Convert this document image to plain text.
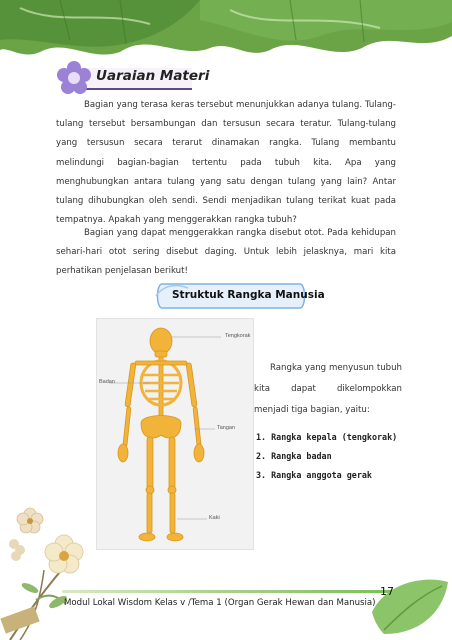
Uaraian Materi

Bagian yang terasa keras tersebut menunjukkan adanya tulang. Tulang-tulang tersebut bersambungan dan tersusun secara teratur. Tulang-tulang yang tersusun secara terarut dinamakan rangka. Tulang membantu melindungi bagian-bagian tertentu pada tubuh kita. Apa yang menghubungkan antara tulang yang satu dengan tulang yang lain? Antar tulang dihubungkan oleh sendi. Sendi menjadikan tulang terikat kuat pada tempatnya. Apakah yang menggerakkan rangka tubuh?

Bagian yang dapat menggerakkan rangka disebut otot. Pada kehidupan sehari-hari otot sering disebut daging. Untuk lebih jelasknya, mari kita perhatikan penjelasan berikut!

Struktuk Rangka Manusia
Tengkorak
Badan
Tangan
Kaki

Rangka yang menyusun tubuh kita dapat dikelompokkan menjadi tiga bagian, yaitu:

1. Rangka kepala (tengkorak)
2. Rangka badan
3. Rangka anggota gerak
Modul Lokal Wisdom Kelas v /Tema 1 (Organ Gerak Hewan dan Manusia)
17
